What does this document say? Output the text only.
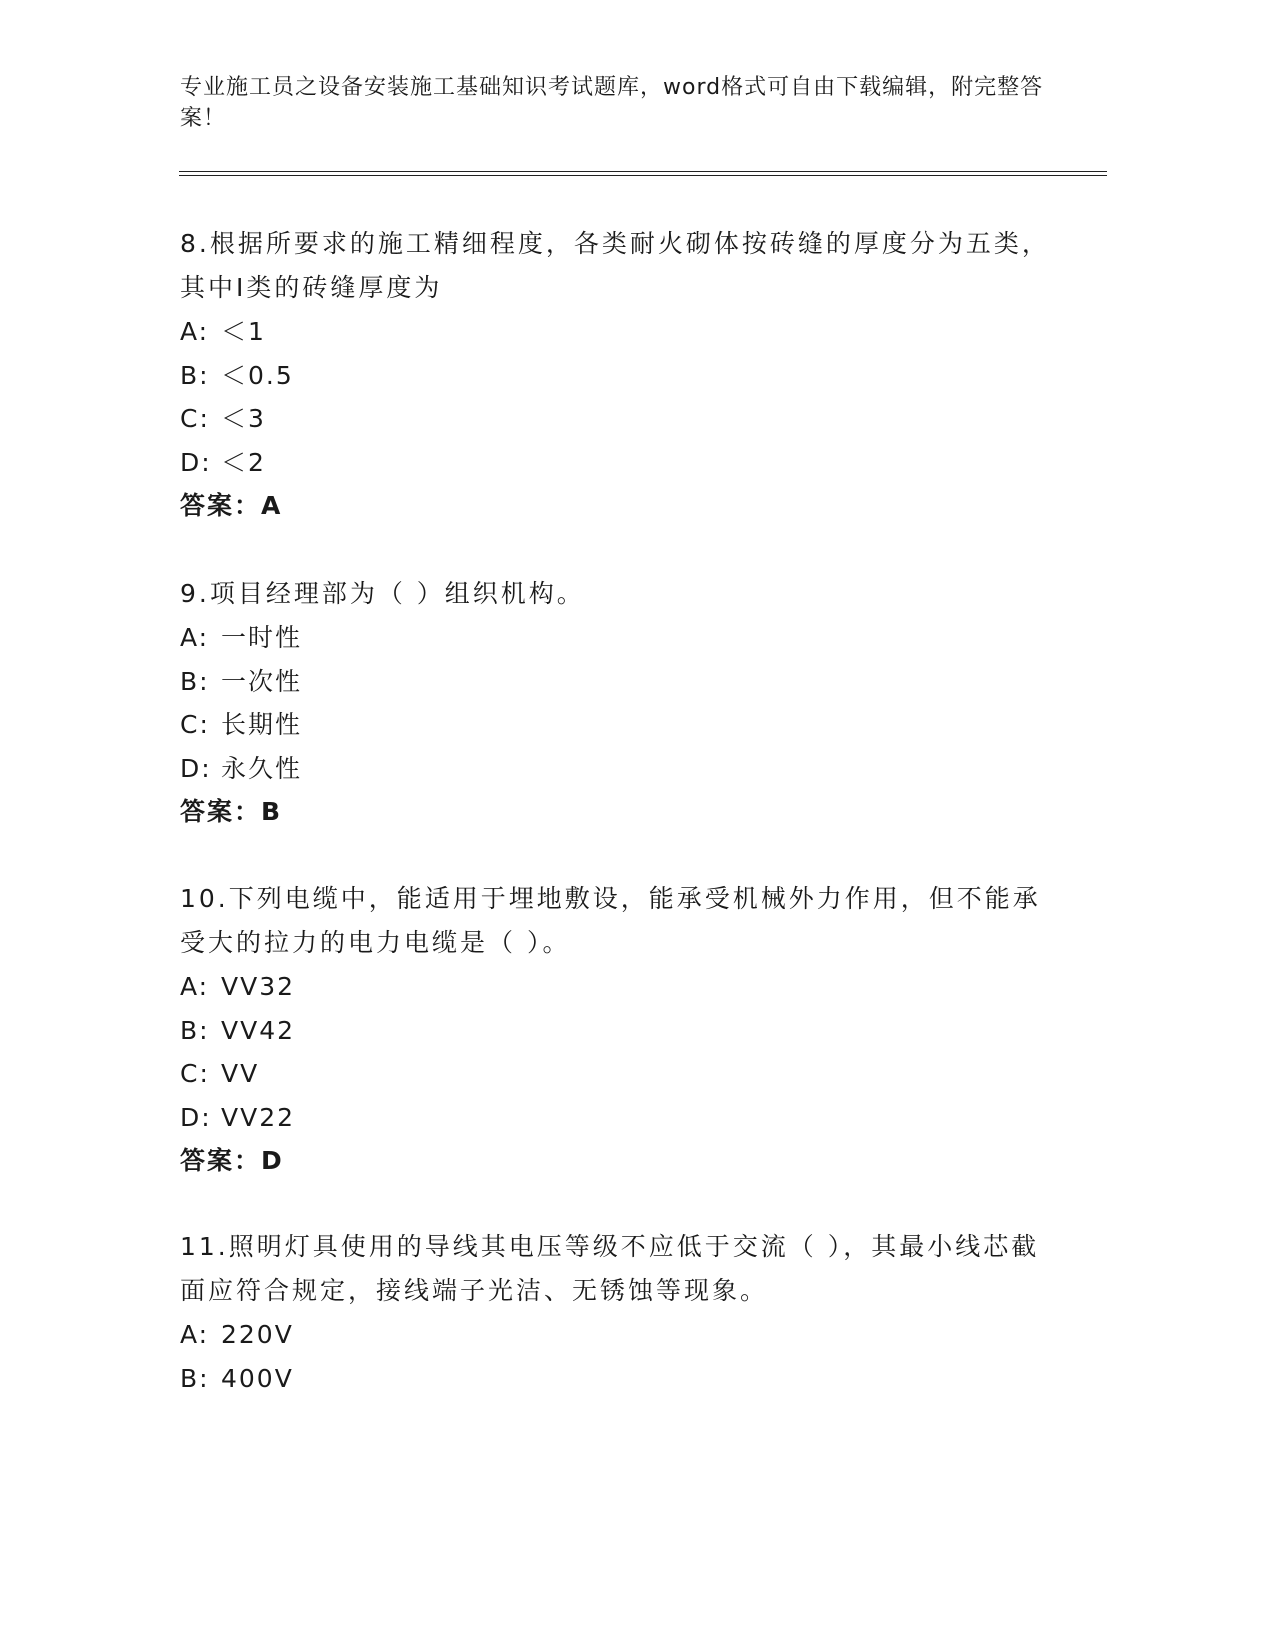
专业施工员之设备安装施工基础知识考试题库，word格式可自由下载编辑，附完整答案！

8.根据所要求的施工精细程度，各类耐火砌体按砖缝的厚度分为五类，其中Ⅰ类的砖缝厚度为

A: ＜1
B: ＜0.5
C: ＜3
D: ＜2
答案：A

9.项目经理部为（ ）组织机构。

A: 一时性
B: 一次性
C: 长期性
D: 永久性
答案：B

10.下列电缆中，能适用于埋地敷设，能承受机械外力作用，但不能承受大的拉力的电力电缆是（ ）。

A: VV32
B: VV42
C: VV
D: VV22
答案：D

11.照明灯具使用的导线其电压等级不应低于交流（ ），其最小线芯截面应符合规定，接线端子光洁、无锈蚀等现象。

A: 220V
B: 400V
